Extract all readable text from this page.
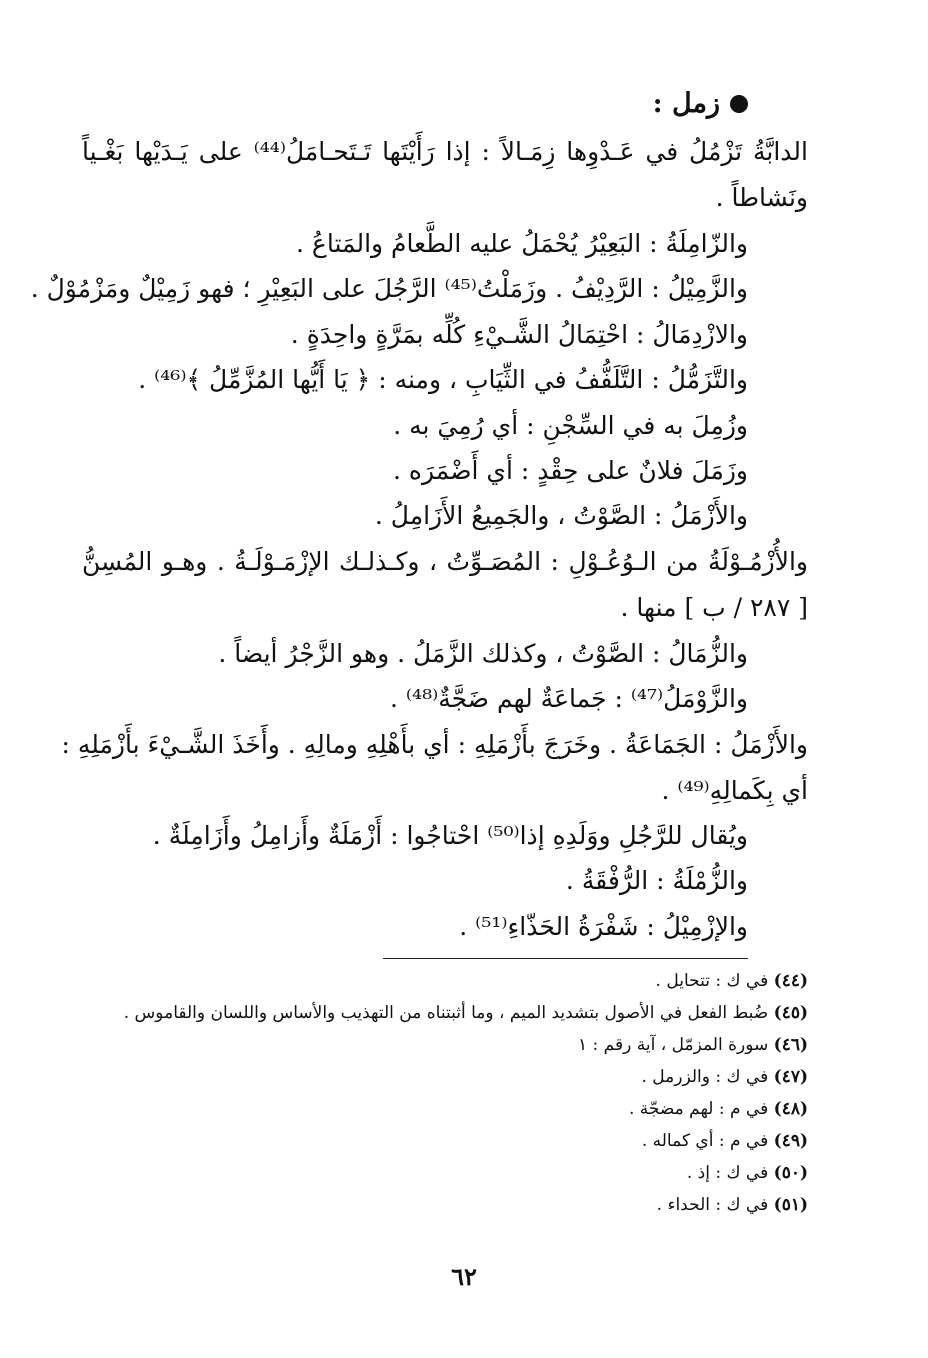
زمل :
الدابَّةُ تَزْمُلُ في عَـدْوِها زِمَـالاً : إذا رَأَيْتَها تَـتَحـامَلُ⁽⁴⁴⁾ على يَـدَيْها بَغْـياً
ونَشاطاً .
والزّامِلَةُ : البَعِيْرُ يُحْمَلُ عليه الطَّعامُ والمَتاعُ .
والزَّمِيْلُ : الرَّدِيْفُ . وزَمَلْتُ⁽⁴⁵⁾ الرَّجُلَ على البَعِيْرِ ؛ فهو زَمِيْلٌ ومَزْمُوْلٌ .
والازْدِمَالُ : احْتِمَالُ الشَّـيْءِ كُلِّه بمَرَّةٍ واحِدَةٍ .
والتَّزَمُّلُ : التَّلَفُّفُ في الثِّيَابِ ، ومنه : ﴿ يَا أَيُّها المُزَّمِّلُ ﴾⁽⁴⁶⁾ .
وزُمِلَ به في السِّجْنِ : أي رُمِيَ به .
وزَمَلَ فلانٌ على حِقْدٍ : أي أَضْمَرَه .
والأَزْمَلُ : الصَّوْتُ ، والجَمِيعُ الأَزَامِلُ .
والأُزْمُـوْلَةُ من الـوُعُـوْلِ : المُصَـوِّتُ ، وكـذلـك الإزْمَـوْلَـةُ . وهـو المُسِنُّ
[ ٢٨٧ / ب ] منها .
والزُّمَالُ : الصَّوْتُ ، وكذلك الزَّمَلُ . وهو الزَّجْرُ أيضاً .
والزَّوْمَلُ⁽⁴⁷⁾ : جَماعَةٌ لهم ضَجَّةٌ⁽⁴⁸⁾ .
والأَزْمَلُ : الجَمَاعَةُ . وخَرَجَ بأَزْمَلِهِ : أي بأَهْلِهِ ومالِهِ . وأَخَذَ الشَّـيْءَ بأَزْمَلِهِ :
أي بِكَمالِهِ⁽⁴⁹⁾ .
ويُقال للرَّجُلِ ووَلَدِهِ إذا⁽⁵⁰⁾ احْتاجُوا : أَزْمَلَةٌ وأَزامِلُ وأَزَامِلَةٌ .
والزُّمْلَةُ : الرُّفْقَةُ .
والإزْمِيْلُ : شَفْرَةُ الحَذّاءِ⁽⁵¹⁾ .
(٤٤) في ك : تتحايل .
(٤٥) ضُبط الفعل في الأصول بتشديد الميم ، وما أثبتناه من التهذيب والأساس واللسان والقاموس .
(٤٦) سورة المزمّل ، آية رقم : ١
(٤٧) في ك : والزرمل .
(٤٨) في م : لهم مضجّة .
(٤٩) في م : أي كماله .
(٥٠) في ك : إذ .
(٥١) في ك : الحداء .
٦٢
